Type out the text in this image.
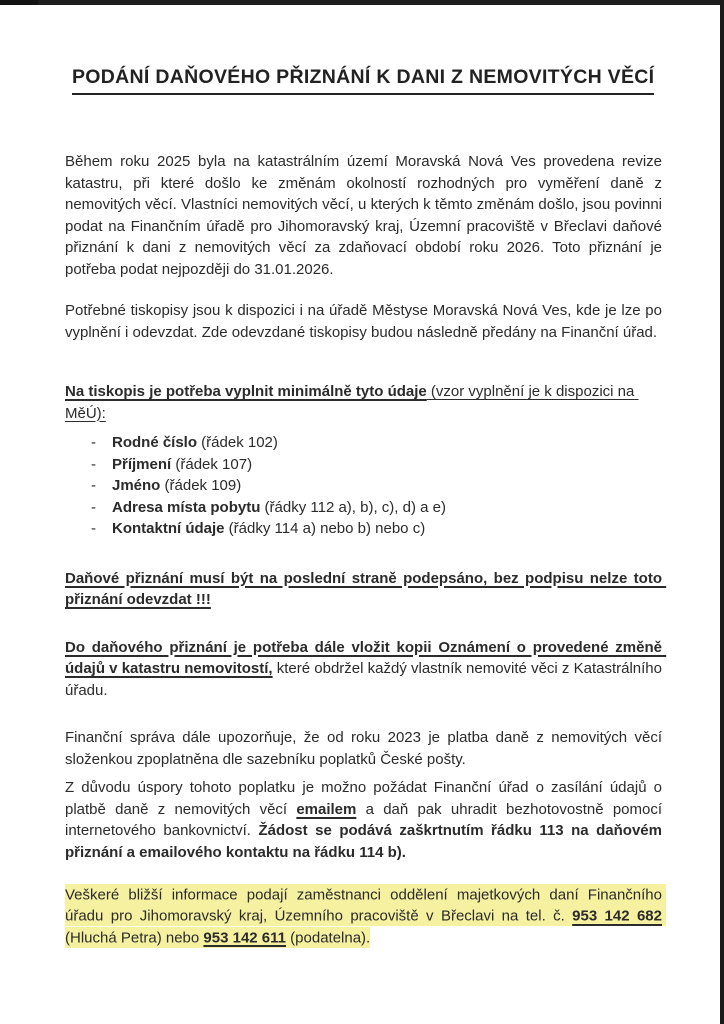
PODÁNÍ DAŇOVÉHO PŘIZNÁNÍ K DANI Z NEMOVITÝCH VĚCÍ

Během roku 2025 byla na katastrálním území Moravská Nová Ves provedena revize katastru, při které došlo ke změnám okolností rozhodných pro vyměření daně z nemovitých věcí. Vlastníci nemovitých věcí, u kterých k těmto změnám došlo, jsou povinni podat na Finančním úřadě pro Jihomoravský kraj, Územní pracoviště v Břeclavi daňové přiznání k dani z nemovitých věcí za zdaňovací období roku 2026. Toto přiznání je potřeba podat nejpozději do 31.01.2026.

Potřebné tiskopisy jsou k dispozici i na úřadě Městyse Moravská Nová Ves, kde je lze po vyplnění i odevzdat. Zde odevzdané tiskopisy budou následně předány na Finanční úřad.

Na tiskopis je potřeba vyplnit minimálně tyto údaje (vzor vyplnění je k dispozici na MěÚ):

-	Rodné číslo (řádek 102)
-	Příjmení (řádek 107)
-	Jméno (řádek 109)
-	Adresa místa pobytu (řádky 112 a), b), c), d) a e)
-	Kontaktní údaje (řádky 114 a) nebo b) nebo c)

Daňové přiznání musí být na poslední straně podepsáno, bez podpisu nelze toto přiznání odevzdat !!!

Do daňového přiznání je potřeba dále vložit kopii Oznámení o provedené změně údajů v katastru nemovitostí, které obdržel každý vlastník nemovité věci z Katastrálního úřadu.

Finanční správa dále upozorňuje, že od roku 2023 je platba daně z nemovitých věcí složenkou zpoplatněna dle sazebníku poplatků České pošty.

Z důvodu úspory tohoto poplatku je možno požádat Finanční úřad o zasílání údajů o platbě daně z nemovitých věcí emailem a daň pak uhradit bezhotovostně pomocí internetového bankovnictví. Žádost se podává zaškrtnutím řádku 113 na daňovém přiznání a emailového kontaktu na řádku 114 b).

Veškeré bližší informace podají zaměstnanci oddělení majetkových daní Finančního úřadu pro Jihomoravský kraj, Územního pracoviště v Břeclavi na tel. č. 953 142 682 (Hluchá Petra) nebo 953 142 611 (podatelna).
